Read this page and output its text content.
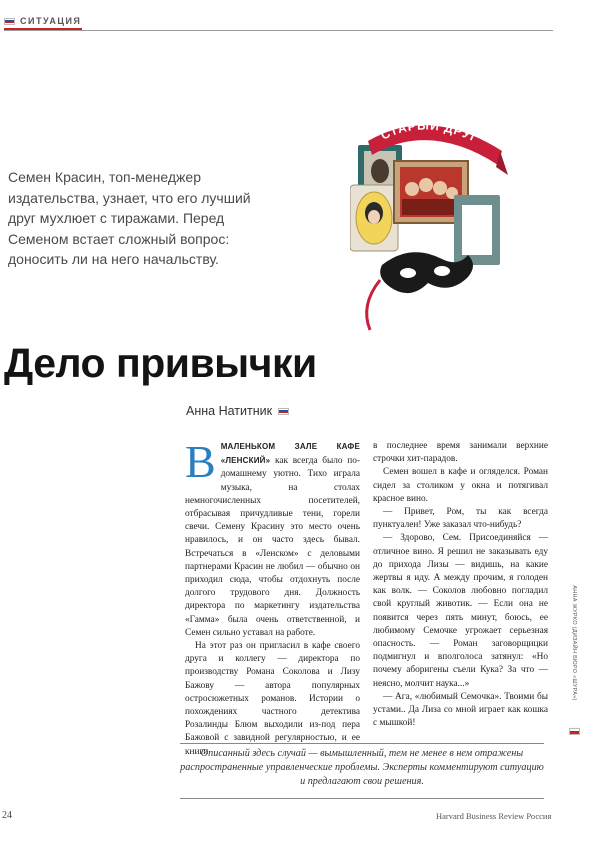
СИТУАЦИЯ
Семен Красин, топ-менеджер издательства, узнает, что его лучший друг мухлюет с тиражами. Перед Семеном встает сложный вопрос: доносить ли на него начальству.
СТАРЫЙ ДРУГ
Дело привычки
Анна Натитник

ВМАЛЕНЬКОМ ЗАЛЕ КАФЕ «ЛЕНСКИЙ» как всегда было по-домашнему уютно. Тихо играла музыка, на столах немногочисленных посетителей, отбрасывая причудливые тени, горели свечи. Семену Красину это место очень нравилось, и он часто здесь бывал. Встречаться в «Ленском» с деловыми партнерами Красин не любил — обычно он приходил сюда, чтобы отдохнуть после долгого трудового дня. Должность директора по маркетингу издательства «Гамма» была очень ответственной, и Семен сильно уставал на работе.

На этот раз он пригласил в кафе своего друга и коллегу — директора по производству Романа Соколова и Лизу Бажову — автора популярных остросюжетных романов. Истории о похождениях частного детектива Розалинды Блюм выходили из-под пера Бажовой с завидной регулярностью, и ее книги

в последнее время занимали верхние строчки хит-парадов.

Семен вошел в кафе и огляделся. Роман сидел за столиком у окна и потягивал красное вино.

— Привет, Ром, ты как всегда пунктуален! Уже заказал что-нибудь?

— Здорово, Сем. Присоединяйся — отличное вино. Я решил не заказывать еду до прихода Лизы — видишь, на какие жертвы я иду. А между прочим, я голоден как волк. — Соколов любовно погладил свой круглый животик. — Если она не появится через пять минут, боюсь, ее любимому Семочке угрожает серьезная опасность. — Роман заговорщицки подмигнул и вполголоса затянул: «Но почему аборигены съели Кука? За что — неясно, молчит наука...»

— Ага, «любимый Семочка». Твоими бы устами.. Да Лиза со мной играет как кошка с мышкой!

Описанный здесь случай — вымышленный, тем не менее в нем отражены распространенные управленческие проблемы. Эксперты комментируют ситуацию и предлагают свои решения.
АННА ЖУРКО (ДИЗАЙН БЮРО «ШУРА»)
24	Harvard Business Review Россия
